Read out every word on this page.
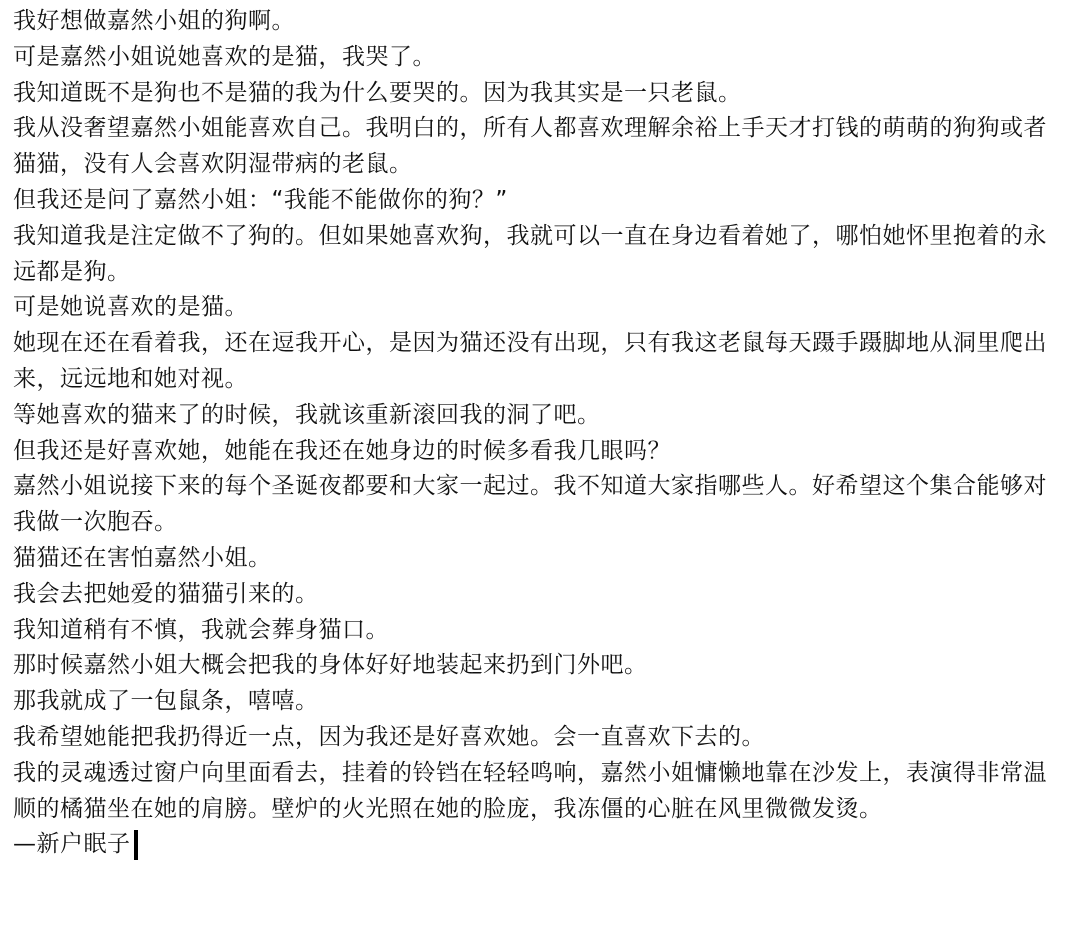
我好想做嘉然小姐的狗啊。

可是嘉然小姐说她喜欢的是猫，我哭了。

我知道既不是狗也不是猫的我为什么要哭的。因为我其实是一只老鼠。

我从没奢望嘉然小姐能喜欢自己。我明白的，所有人都喜欢理解余裕上手天才打钱的萌萌的狗狗或者猫猫，没有人会喜欢阴湿带病的老鼠。

但我还是问了嘉然小姐：“我能不能做你的狗？”

我知道我是注定做不了狗的。但如果她喜欢狗，我就可以一直在身边看着她了，哪怕她怀里抱着的永远都是狗。

可是她说喜欢的是猫。

她现在还在看着我，还在逗我开心，是因为猫还没有出现，只有我这老鼠每天蹑手蹑脚地从洞里爬出来，远远地和她对视。

等她喜欢的猫来了的时候，我就该重新滚回我的洞了吧。

但我还是好喜欢她，她能在我还在她身边的时候多看我几眼吗？

嘉然小姐说接下来的每个圣诞夜都要和大家一起过。我不知道大家指哪些人。好希望这个集合能够对我做一次胞吞。

猫猫还在害怕嘉然小姐。

我会去把她爱的猫猫引来的。

我知道稍有不慎，我就会葬身猫口。

那时候嘉然小姐大概会把我的身体好好地装起来扔到门外吧。

那我就成了一包鼠条，嘻嘻。

我希望她能把我扔得近一点，因为我还是好喜欢她。会一直喜欢下去的。

我的灵魂透过窗户向里面看去，挂着的铃铛在轻轻鸣响，嘉然小姐慵懒地靠在沙发上，表演得非常温顺的橘猫坐在她的肩膀。壁炉的火光照在她的脸庞，我冻僵的心脏在风里微微发烫。

—新户眠子
